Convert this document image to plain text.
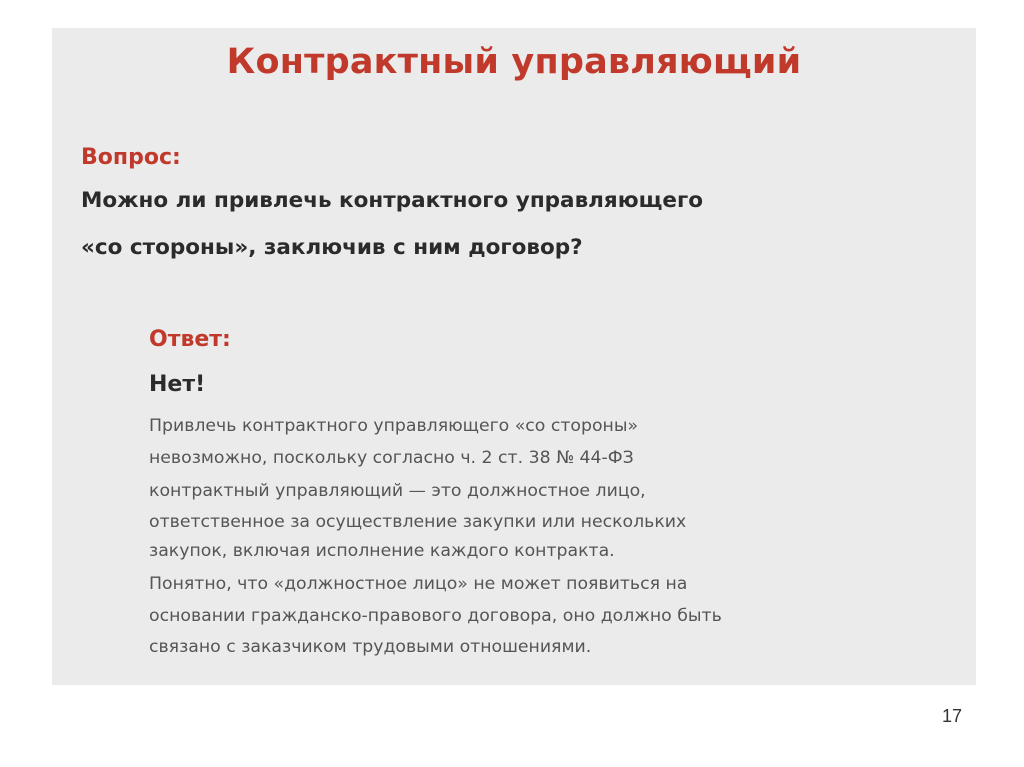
Контрактный управляющий
Вопрос:
Можно ли привлечь контрактного управляющего
«со стороны», заключив с ним договор?
Ответ:
Нет!
Привлечь контрактного управляющего «со стороны»
невозможно, поскольку согласно ч. 2 ст. 38 № 44-ФЗ
контрактный управляющий — это должностное лицо,
ответственное за осуществление закупки или нескольких
закупок, включая исполнение каждого контракта.
Понятно, что «должностное лицо» не может появиться на
основании гражданско-правового договора, оно должно быть
связано с заказчиком трудовыми отношениями.
17
